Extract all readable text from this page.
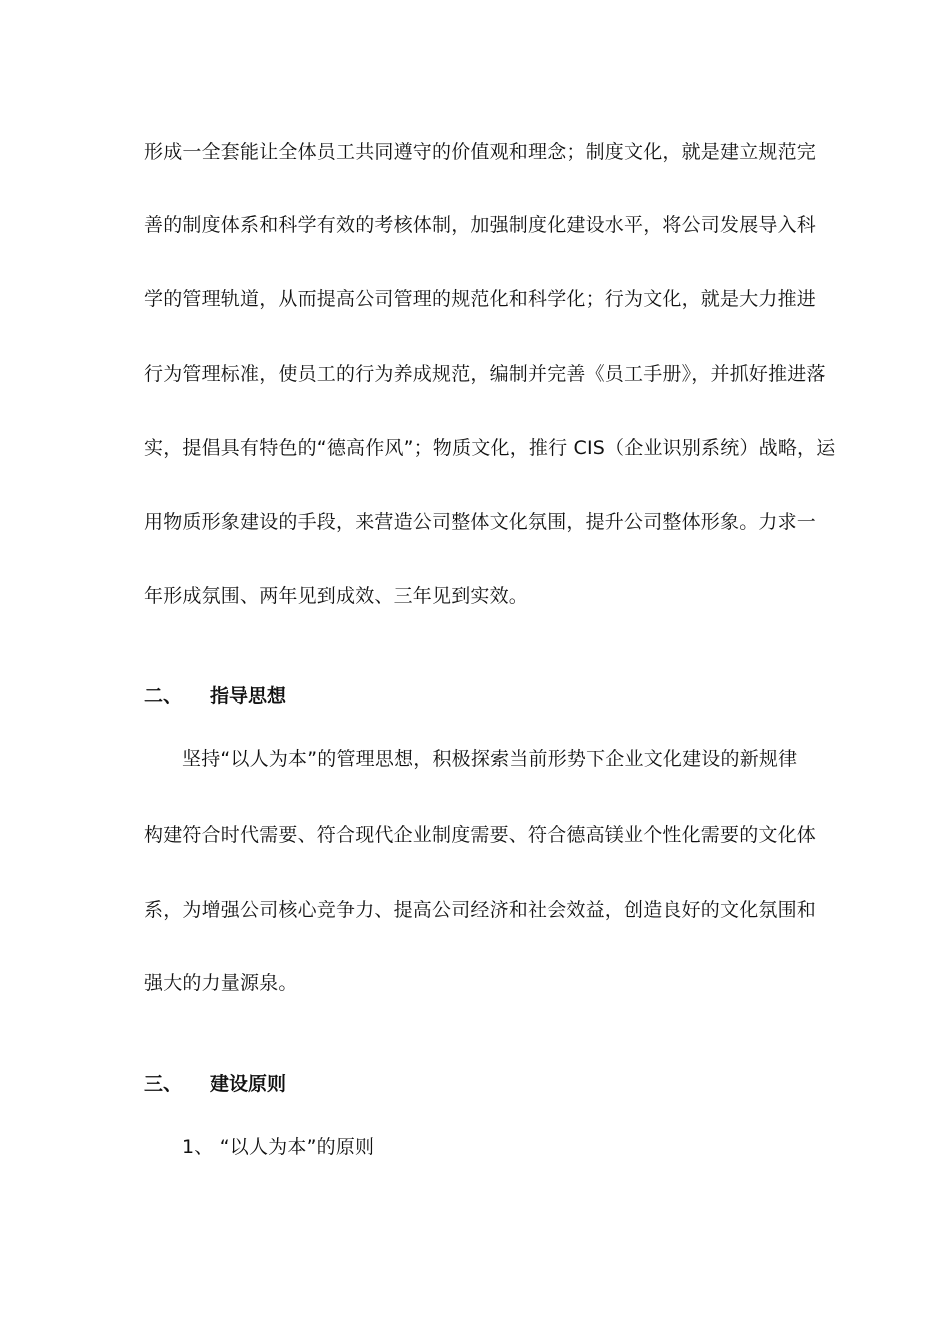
形成一全套能让全体员工共同遵守的价值观和理念；制度文化，就是建立规范完
善的制度体系和科学有效的考核体制，加强制度化建设水平，将公司发展导入科
学的管理轨道，从而提高公司管理的规范化和科学化；行为文化，就是大力推进
行为管理标准，使员工的行为养成规范，编制并完善《员工手册》，并抓好推进落
实，提倡具有特色的“德高作风”；物质文化，推行 CIS（企业识别系统）战略，运
用物质形象建设的手段，来营造公司整体文化氛围，提升公司整体形象。力求一
年形成氛围、两年见到成效、三年见到实效。
二、 指导思想
坚持“以人为本”的管理思想，积极探索当前形势下企业文化建设的新规律
构建符合时代需要、符合现代企业制度需要、符合德高镁业个性化需要的文化体
系，为增强公司核心竞争力、提高公司经济和社会效益，创造良好的文化氛围和
强大的力量源泉。
三、 建设原则
1、 “以人为本”的原则
